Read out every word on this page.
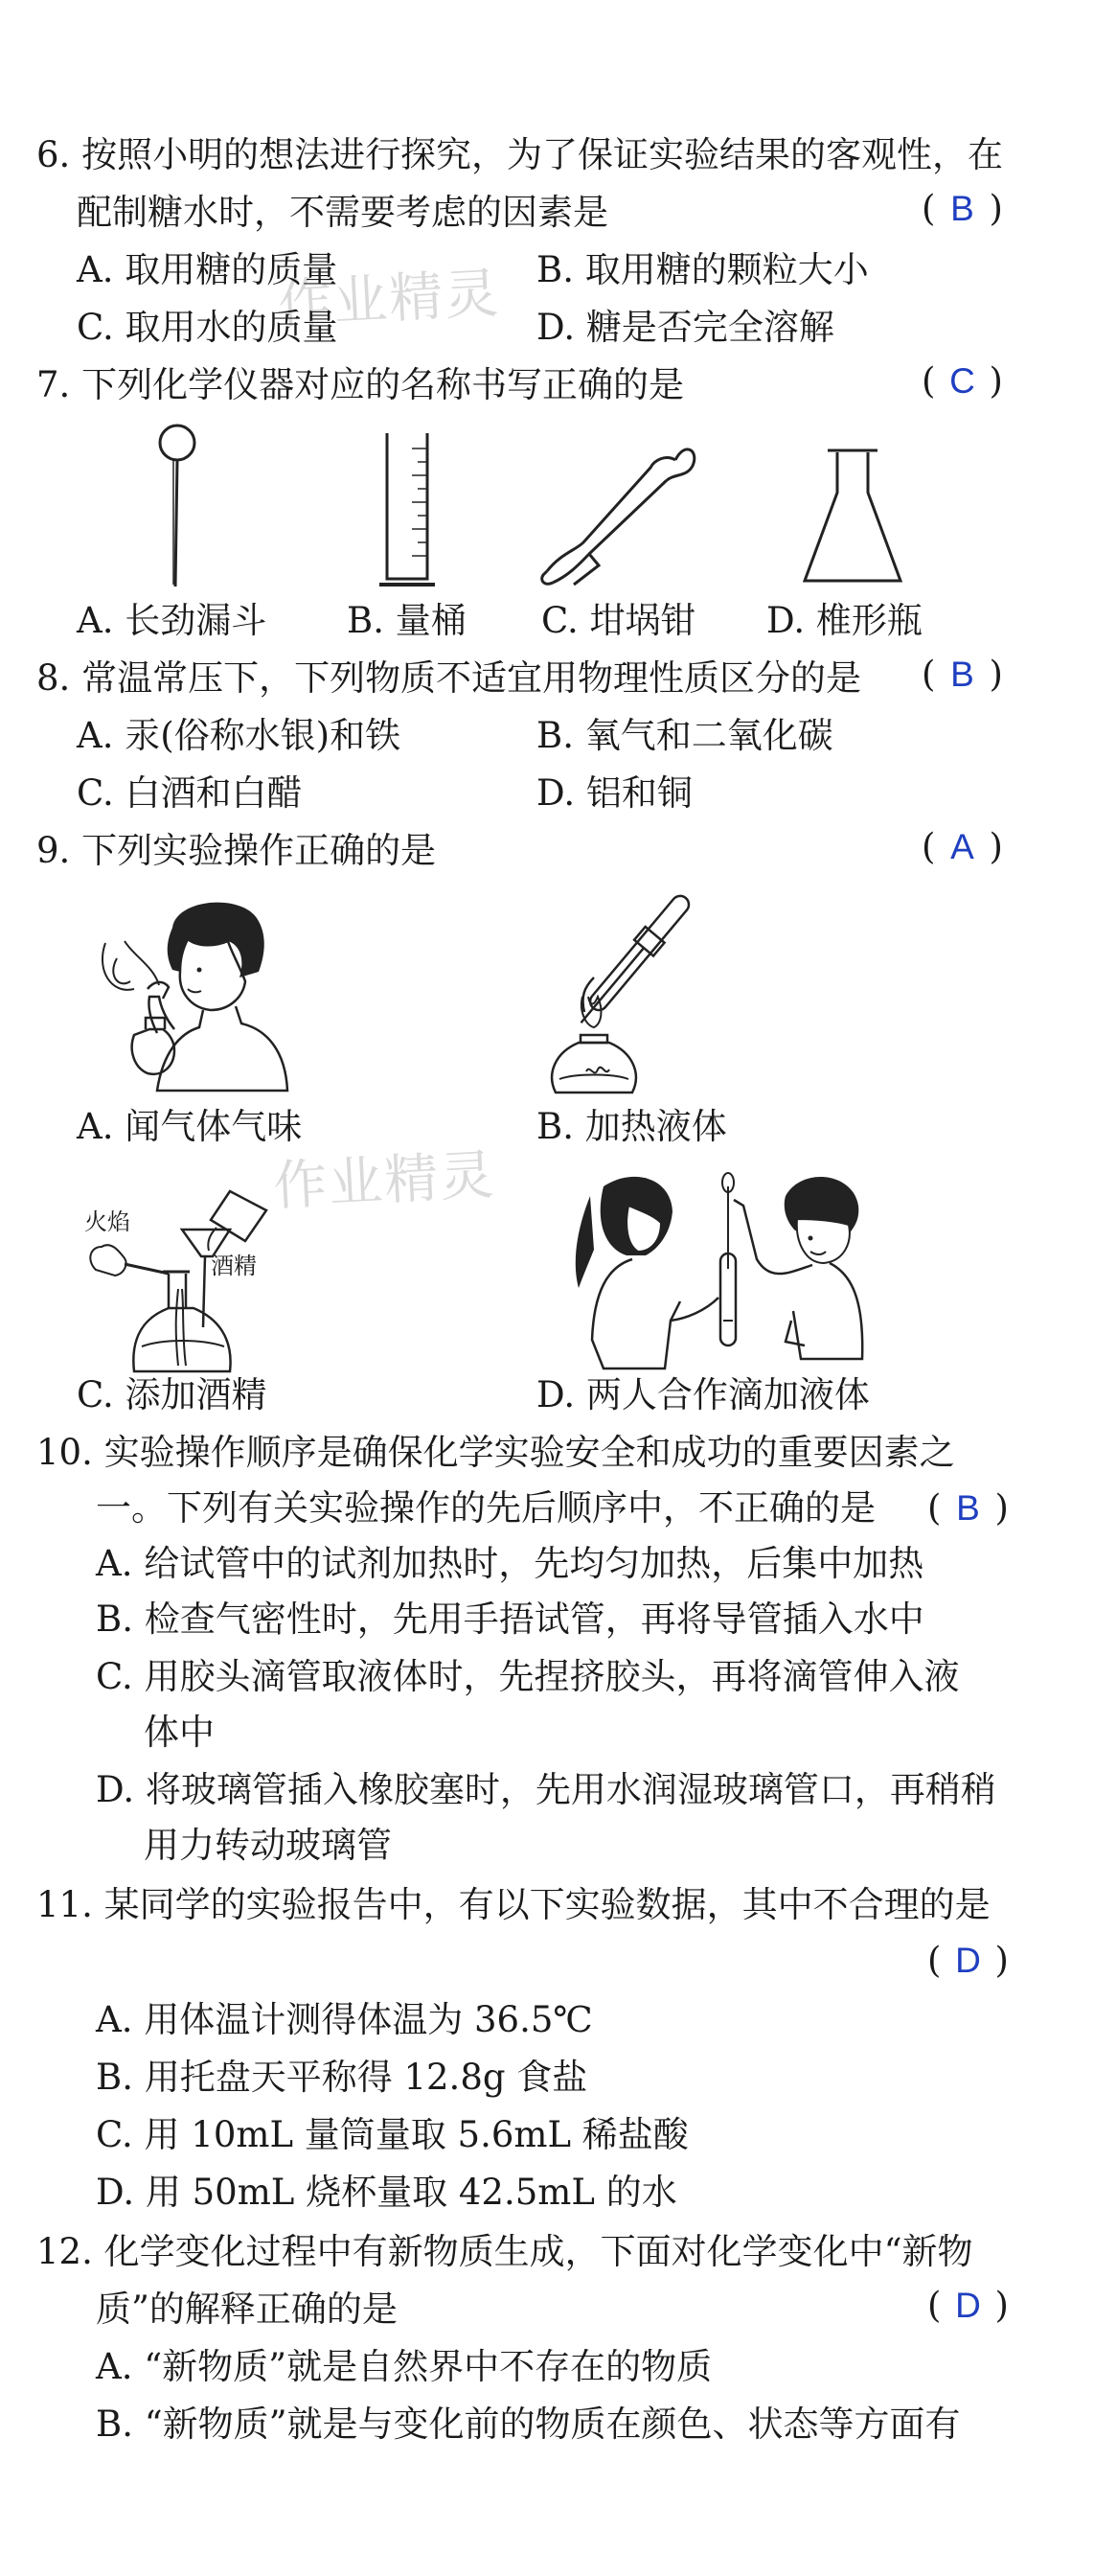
作业精灵
作业精灵
6. 按照小明的想法进行探究，为了保证实验结果的客观性，在
配制糖水时，不需要考虑的因素是	( B )
A. 取用糖的质量	B. 取用糖的颗粒大小
C. 取用水的质量	D. 糖是否完全溶解
7. 下列化学仪器对应的名称书写正确的是	( C )
A. 长劲漏斗 B. 量桶 C. 坩埚钳 D. 椎形瓶
8. 常温常压下，下列物质不适宜用物理性质区分的是 ( B )
A. 汞(俗称水银)和铁	B. 氧气和二氧化碳
C. 白酒和白醋	D. 铝和铜
9. 下列实验操作正确的是	( A )
A. 闻气体气味	B. 加热液体
火焰
酒精
C. 添加酒精	D. 两人合作滴加液体
10. 实验操作顺序是确保化学实验安全和成功的重要因素之
一。下列有关实验操作的先后顺序中，不正确的是 ( B )
A. 给试管中的试剂加热时，先均匀加热，后集中加热
B. 检查气密性时，先用手捂试管，再将导管插入水中
C. 用胶头滴管取液体时，先捏挤胶头，再将滴管伸入液
体中
D. 将玻璃管插入橡胶塞时，先用水润湿玻璃管口，再稍稍
用力转动玻璃管
11. 某同学的实验报告中，有以下实验数据，其中不合理的是
( D )
A. 用体温计测得体温为 36.5℃
B. 用托盘天平称得 12.8g 食盐
C. 用 10mL 量筒量取 5.6mL 稀盐酸
D. 用 50mL 烧杯量取 42.5mL 的水
12. 化学变化过程中有新物质生成，下面对化学变化中“新物
质”的解释正确的是	( D )
A. “新物质”就是自然界中不存在的物质
B. “新物质”就是与变化前的物质在颜色、状态等方面有
